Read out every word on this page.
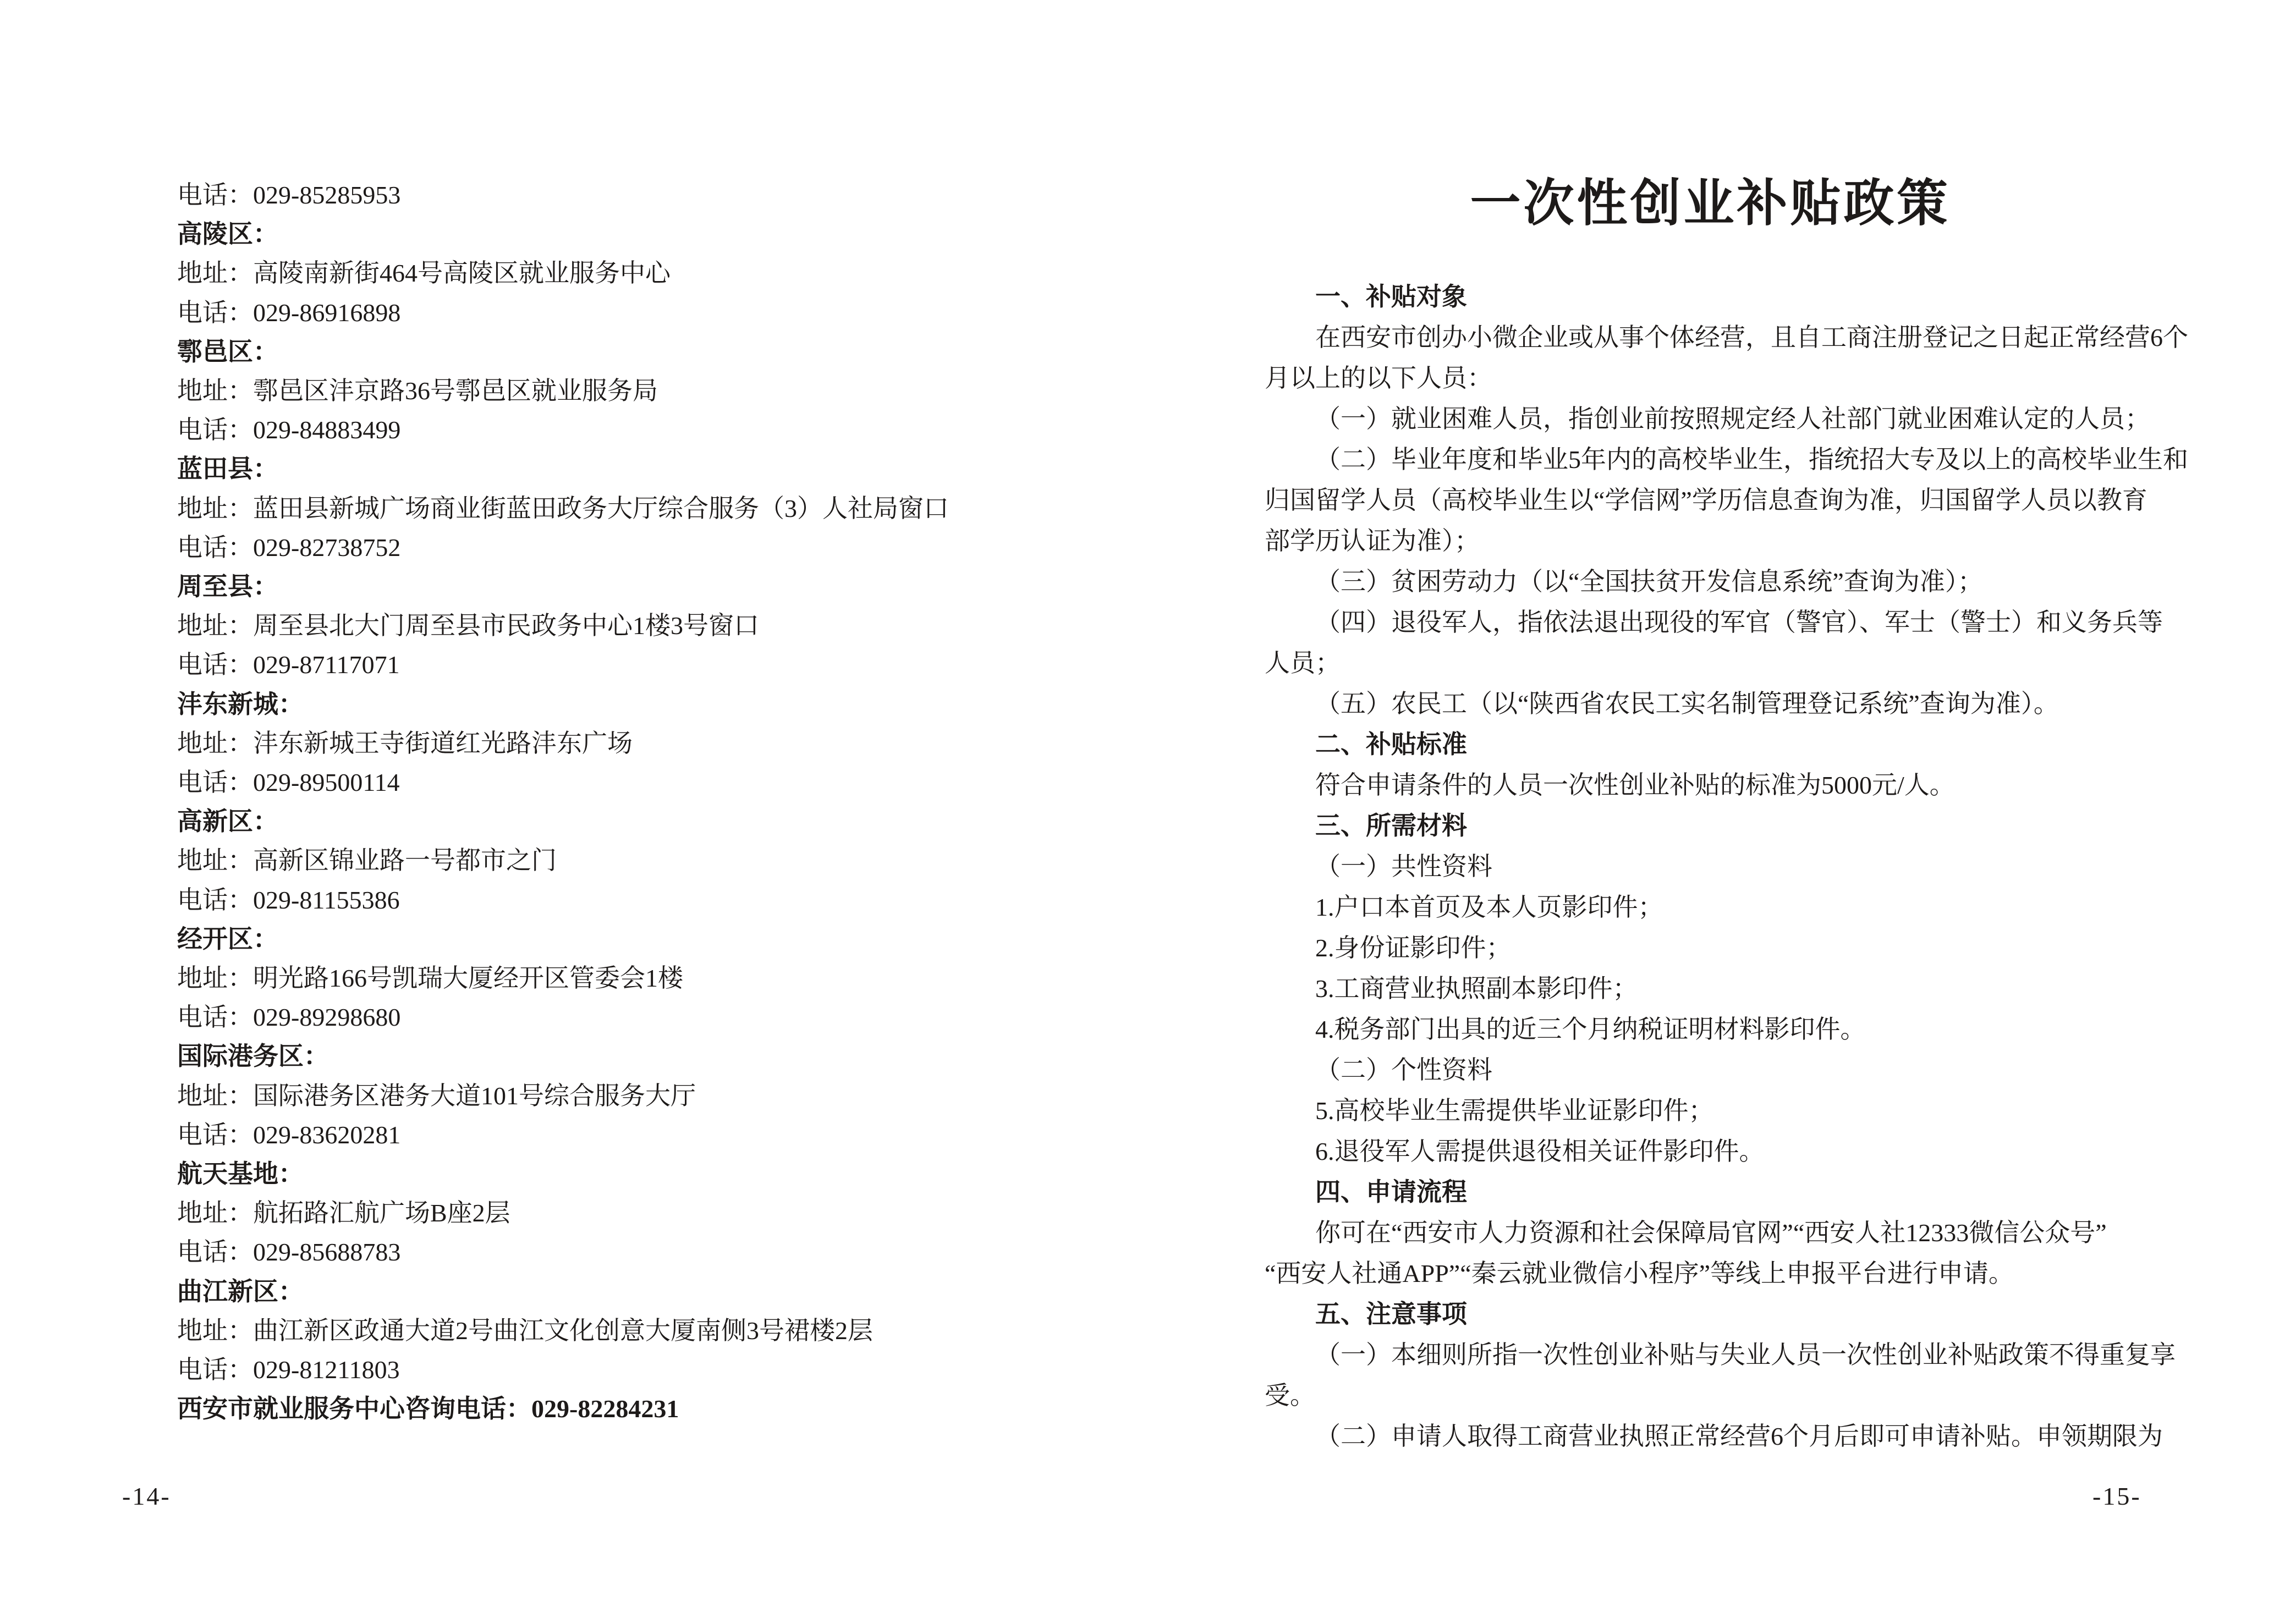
电话：029-85285953
高陵区：
地址：高陵南新街464号高陵区就业服务中心
电话：029-86916898
鄠邑区：
地址：鄠邑区沣京路36号鄠邑区就业服务局
电话：029-84883499
蓝田县：
地址：蓝田县新城广场商业街蓝田政务大厅综合服务（3）人社局窗口
电话：029-82738752
周至县：
地址：周至县北大门周至县市民政务中心1楼3号窗口
电话：029-87117071
沣东新城：
地址：沣东新城王寺街道红光路沣东广场
电话：029-89500114
高新区：
地址：高新区锦业路一号都市之门
电话：029-81155386
经开区：
地址：明光路166号凯瑞大厦经开区管委会1楼
电话：029-89298680
国际港务区：
地址：国际港务区港务大道101号综合服务大厅
电话：029-83620281
航天基地：
地址：航拓路汇航广场B座2层
电话：029-85688783
曲江新区：
地址：曲江新区政通大道2号曲江文化创意大厦南侧3号裙楼2层
电话：029-81211803
西安市就业服务中心咨询电话：029-82284231
一次性创业补贴政策
一、补贴对象
在西安市创办小微企业或从事个体经营，且自工商注册登记之日起正常经营6个
月以上的以下人员：
（一）就业困难人员，指创业前按照规定经人社部门就业困难认定的人员；
（二）毕业年度和毕业5年内的高校毕业生，指统招大专及以上的高校毕业生和
归国留学人员（高校毕业生以“学信网”学历信息查询为准，归国留学人员以教育
部学历认证为准）；
（三）贫困劳动力（以“全国扶贫开发信息系统”查询为准）；
（四）退役军人，指依法退出现役的军官（警官）、军士（警士）和义务兵等
人员；
（五）农民工（以“陕西省农民工实名制管理登记系统”查询为准）。
二、补贴标准
符合申请条件的人员一次性创业补贴的标准为5000元/人。
三、所需材料
（一）共性资料
1.户口本首页及本人页影印件；
2.身份证影印件；
3.工商营业执照副本影印件；
4.税务部门出具的近三个月纳税证明材料影印件。
（二）个性资料
5.高校毕业生需提供毕业证影印件；
6.退役军人需提供退役相关证件影印件。
四、申请流程
你可在“西安市人力资源和社会保障局官网”“西安人社12333微信公众号”
“西安人社通APP”“秦云就业微信小程序”等线上申报平台进行申请。
五、注意事项
（一）本细则所指一次性创业补贴与失业人员一次性创业补贴政策不得重复享
受。
（二）申请人取得工商营业执照正常经营6个月后即可申请补贴。申领期限为
-14-	-15-
